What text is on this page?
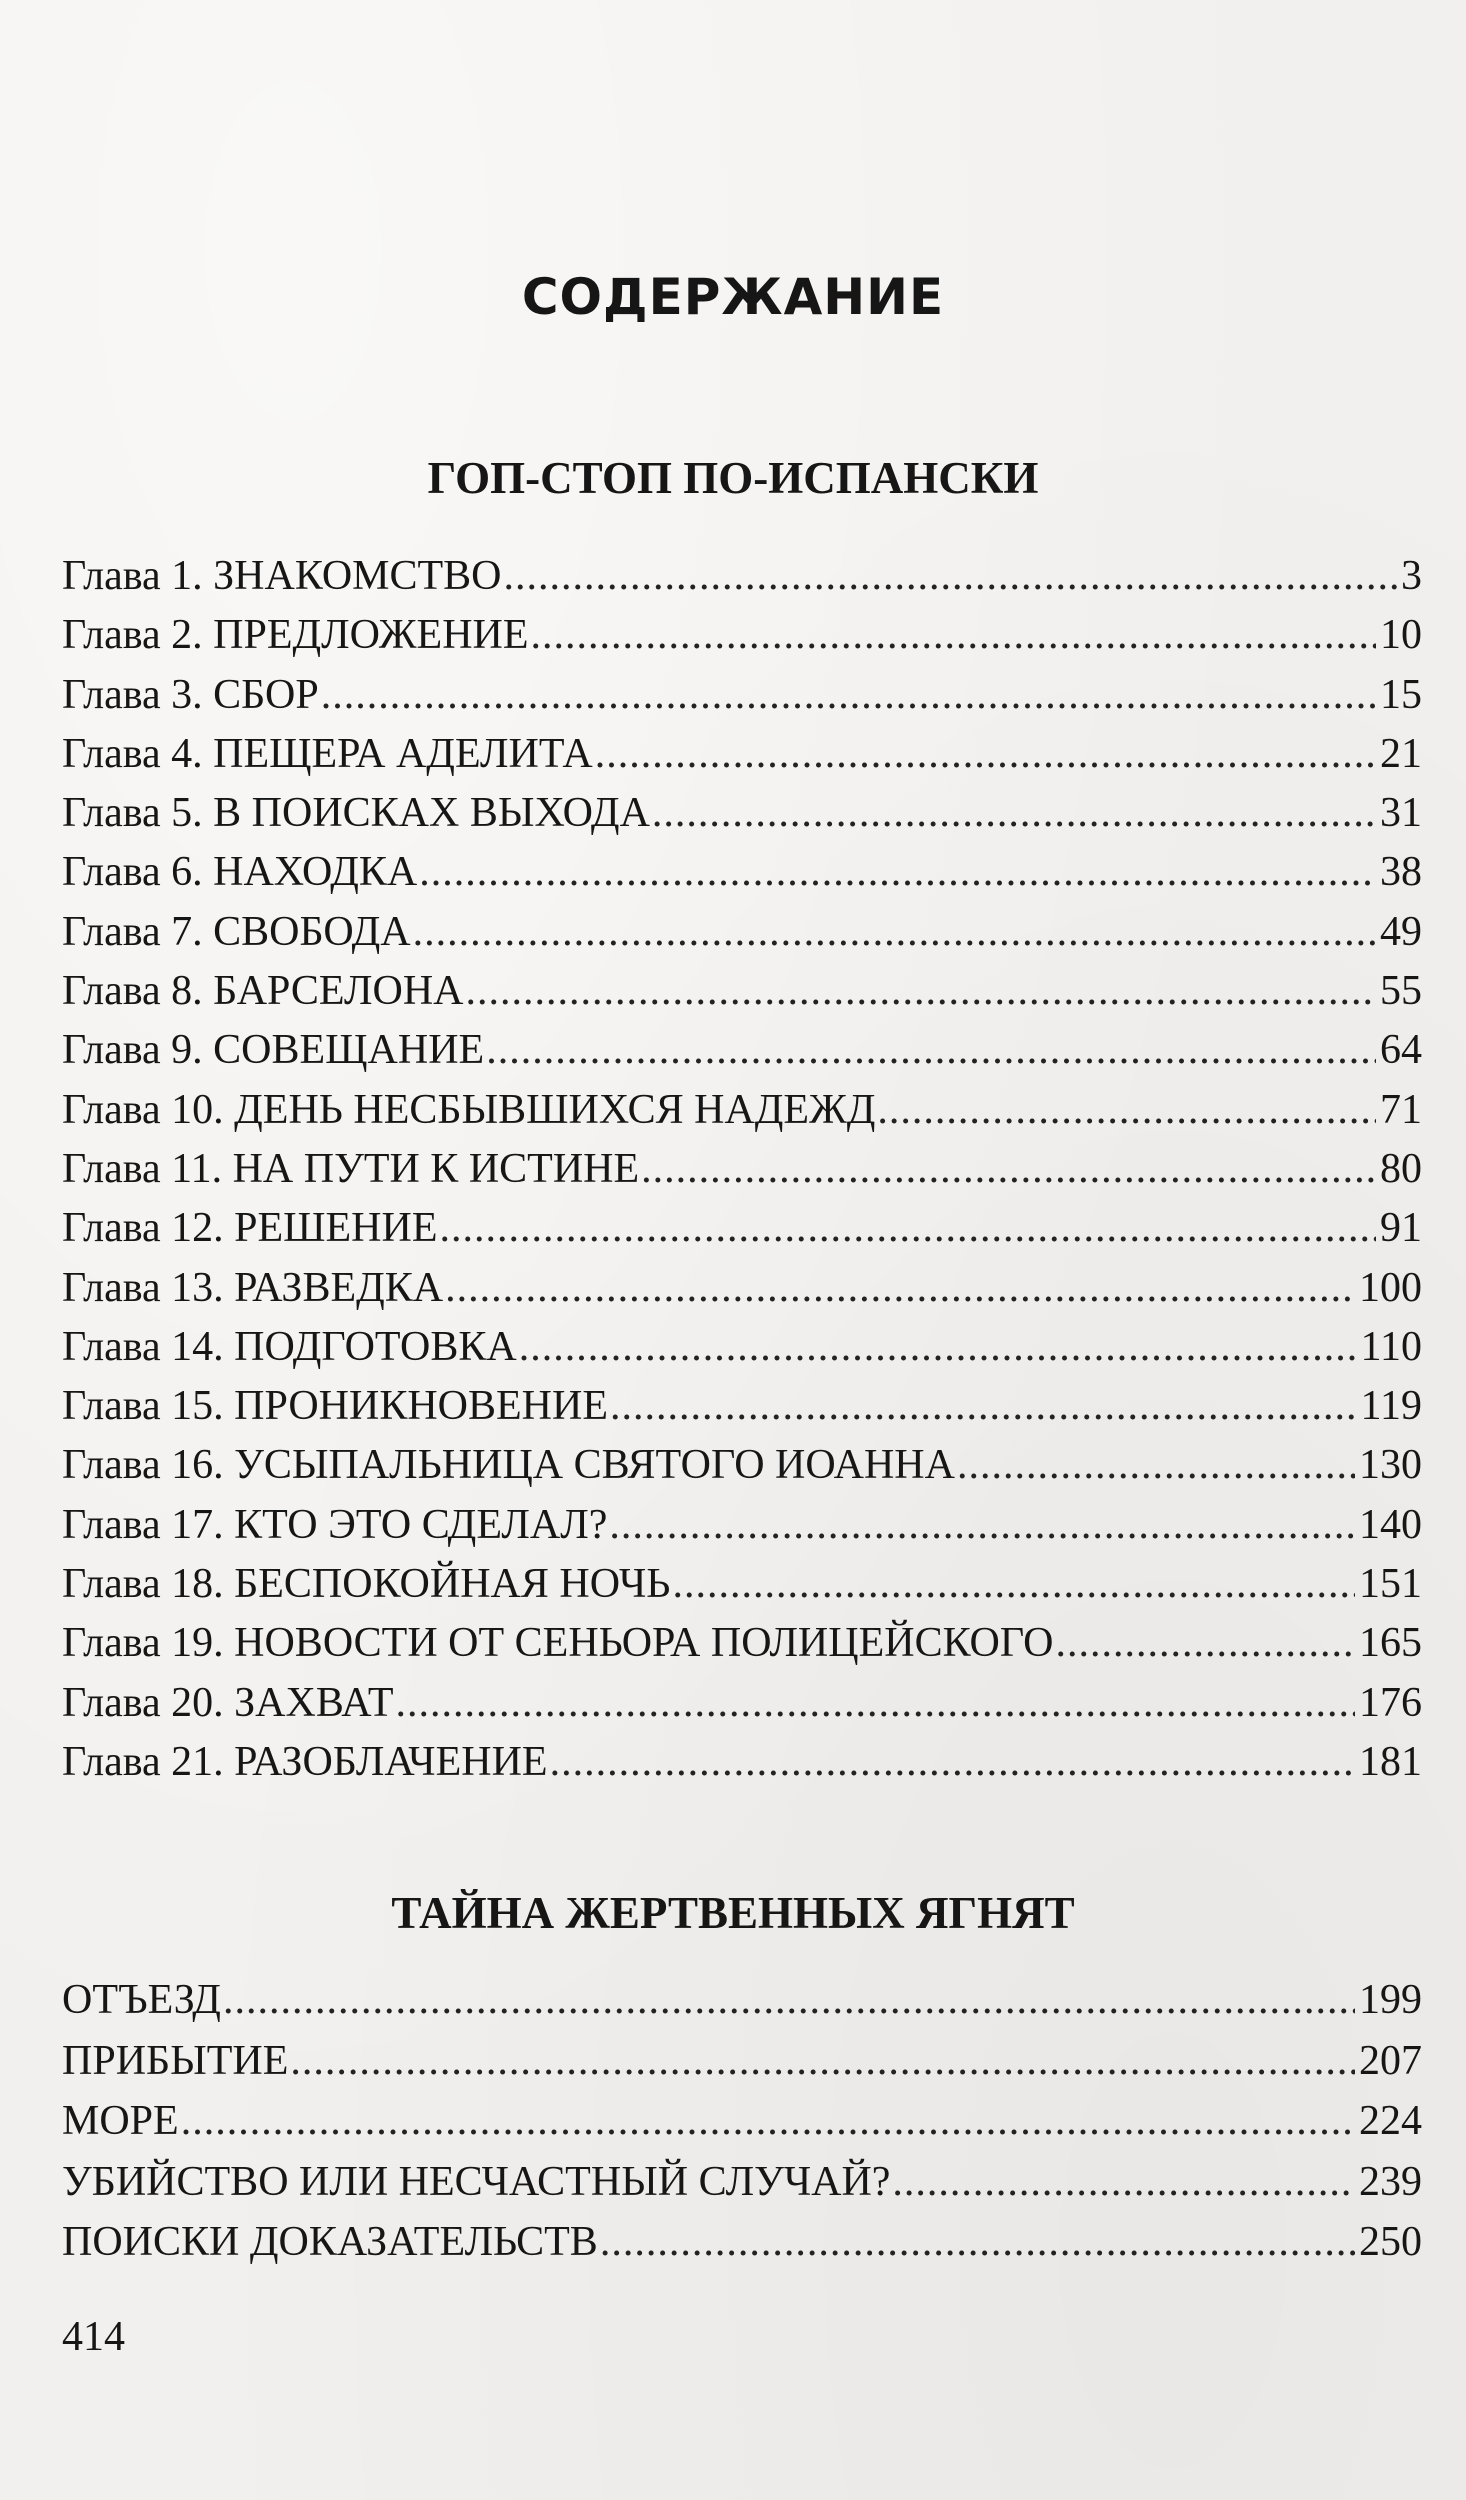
СОДЕРЖАНИЕ
ГОП-СТОП ПО-ИСПАНСКИ
Глава 1. ЗНАКОМСТВО .....	3
Глава 2. ПРЕДЛОЖЕНИЕ .....	10
Глава 3. СБОР .....	15
Глава 4. ПЕЩЕРА АДЕЛИТА .....	21
Глава 5. В ПОИСКАХ ВЫХОДА .....	31
Глава 6. НАХОДКА .....	38
Глава 7. СВОБОДА .....	49
Глава 8. БАРСЕЛОНА .....	55
Глава 9. СОВЕЩАНИЕ .....	64
Глава 10. ДЕНЬ НЕСБЫВШИХСЯ НАДЕЖД .....	71
Глава 11. НА ПУТИ К ИСТИНЕ .....	80
Глава 12. РЕШЕНИЕ .....	91
Глава 13. РАЗВЕДКА .....	100
Глава 14. ПОДГОТОВКА .....	110
Глава 15. ПРОНИКНОВЕНИЕ .....	119
Глава 16. УСЫПАЛЬНИЦА СВЯТОГО ИОАННА .....	130
Глава 17. КТО ЭТО СДЕЛАЛ? .....	140
Глава 18. БЕСПОКОЙНАЯ НОЧЬ .....	151
Глава 19. НОВОСТИ ОТ СЕНЬОРА ПОЛИЦЕЙСКОГО .....	165
Глава 20. ЗАХВАТ .....	176
Глава 21. РАЗОБЛАЧЕНИЕ .....	181
ТАЙНА ЖЕРТВЕННЫХ ЯГНЯТ
ОТЪЕЗД .....	199
ПРИБЫТИЕ .....	207
МОРЕ .....	224
УБИЙСТВО ИЛИ НЕСЧАСТНЫЙ СЛУЧАЙ? .....	239
ПОИСКИ ДОКАЗАТЕЛЬСТВ .....	250
414
